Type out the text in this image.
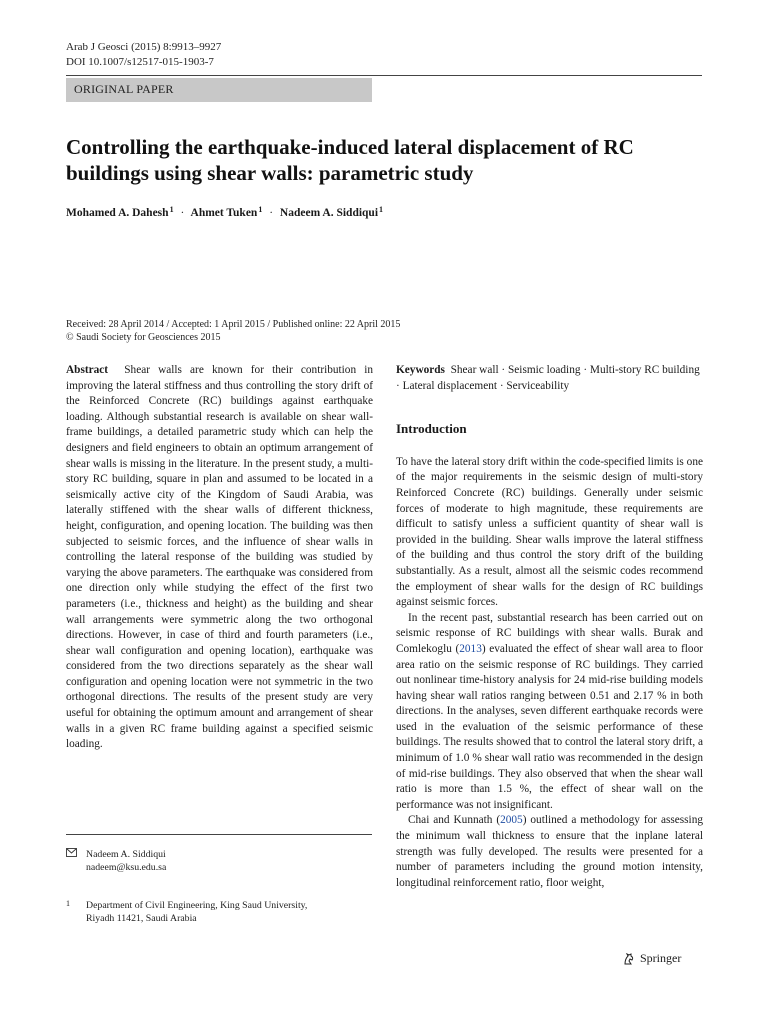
Arab J Geosci (2015) 8:9913–9927
DOI 10.1007/s12517-015-1903-7
ORIGINAL PAPER
Controlling the earthquake-induced lateral displacement of RC buildings using shear walls: parametric study
Mohamed A. Dahesh$^1$ · Ahmet Tuken$^1$ · Nadeem A. Siddiqui$^1$
Received: 28 April 2014 / Accepted: 1 April 2015 / Published online: 22 April 2015
© Saudi Society for Geosciences 2015

Abstract Shear walls are known for their contribution in improving the lateral stiffness and thus controlling the story drift of the Reinforced Concrete (RC) buildings against earthquake loading. Although substantial research is available on shear wall-frame buildings, a detailed parametric study which can help the designers and field engineers to obtain an optimum arrangement of shear walls is missing in the literature. In the present study, a multi-story RC building, square in plan and assumed to be located in a seismically active city of the Kingdom of Saudi Arabia, was laterally stiffened with the shear walls of different thickness, height, configuration, and opening location. The building was then subjected to seismic forces, and the influence of shear walls in controlling the lateral response of the building was studied by varying the above parameters. The earthquake was considered from one direction only while studying the effect of the first two parameters (i.e., thickness and height) as the building and shear wall arrangements were symmetric along the two orthogonal directions. However, in case of third and fourth parameters (i.e., shear wall configuration and opening location), earthquake was considered from the two directions separately as the shear wall configuration and opening location were not symmetric in the two orthogonal directions. The results of the present study are very useful for obtaining the optimum amount and arrangement of shear walls in a given RC frame building against a specified seismic loading.

Keywords Shear wall · Seismic loading · Multi-story RC building · Lateral displacement · Serviceability

Introduction

To have the lateral story drift within the code-specified limits is one of the major requirements in the seismic design of multi-story Reinforced Concrete (RC) buildings. Generally under seismic forces of moderate to high magnitude, these requirements are difficult to satisfy unless a sufficient quantity of shear wall is provided in the building. Shear walls improve the lateral stiffness of the building and thus control the story drift of the building substantially. As a result, almost all the seismic codes recommend the employment of shear walls for the design of RC buildings against seismic forces.

In the recent past, substantial research has been carried out on seismic response of RC buildings with shear walls. Burak and Comlekoglu (2013) evaluated the effect of shear wall area to floor area ratio on the seismic response of RC buildings. They carried out nonlinear time-history analysis for 24 mid-rise building models having shear wall ratios ranging between 0.51 and 2.17 % in both directions. In the analyses, seven different earthquake records were used in the evaluation of the seismic performance of these buildings. The results showed that to control the lateral story drift, a minimum of 1.0 % shear wall ratio was recommended in the design of mid-rise buildings. They also observed that when the shear wall ratio is more than 1.5 %, the effect of shear wall on the performance was not insignificant.

Chai and Kunnath (2005) outlined a methodology for assessing the minimum wall thickness to ensure that the inplane lateral strength was fully developed. The results were presented for a number of parameters including the ground motion intensity, longitudinal reinforcement ratio, floor weight,

Nadeem A. Siddiqui
nadeem@ksu.edu.sa
1 Department of Civil Engineering, King Saud University,
Riyadh 11421, Saudi Arabia
Springer
